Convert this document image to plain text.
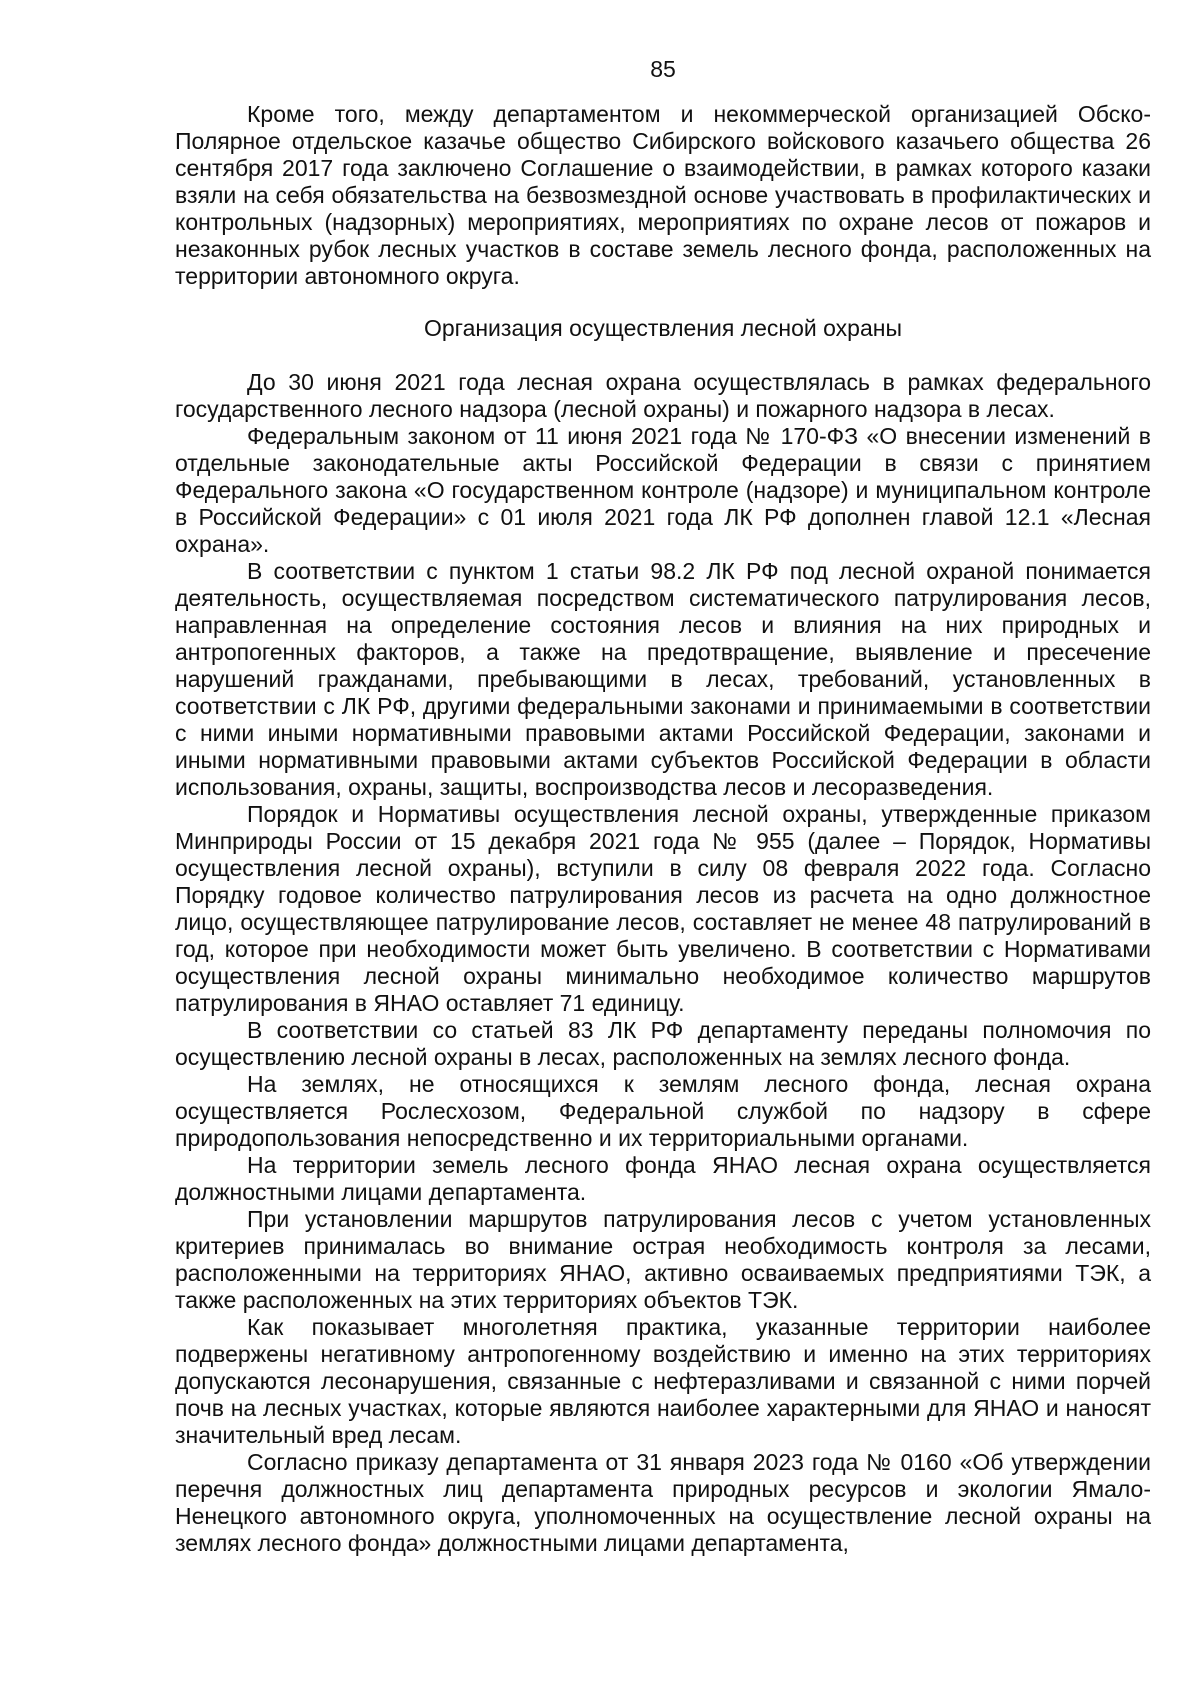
85

Кроме того, между департаментом и некоммерческой организацией Обско-Полярное отдельское казачье общество Сибирского войскового казачьего общества 26 сентября 2017 года заключено Соглашение о взаимодействии, в рамках которого казаки взяли на себя обязательства на безвозмездной основе участвовать в профилактических и контрольных (надзорных) мероприятиях, мероприятиях по охране лесов от пожаров и незаконных рубок лесных участков в составе земель лесного фонда, расположенных на территории автономного округа.

Организация осуществления лесной охраны

До 30 июня 2021 года лесная охрана осуществлялась в рамках федерального государственного лесного надзора (лесной охраны) и пожарного надзора в лесах.

Федеральным законом от 11 июня 2021 года № 170-ФЗ «О внесении изменений в отдельные законодательные акты Российской Федерации в связи с принятием Федерального закона «О государственном контроле (надзоре) и муниципальном контроле в Российской Федерации» с 01 июля 2021 года ЛК РФ дополнен главой 12.1 «Лесная охрана».

В соответствии с пунктом 1 статьи 98.2 ЛК РФ под лесной охраной понимается деятельность, осуществляемая посредством систематического патрулирования лесов, направленная на определение состояния лесов и влияния на них природных и антропогенных факторов, а также на предотвращение, выявление и пресечение нарушений гражданами, пребывающими в лесах, требований, установленных в соответствии с ЛК РФ, другими федеральными законами и принимаемыми в соответствии с ними иными нормативными правовыми актами Российской Федерации, законами и иными нормативными правовыми актами субъектов Российской Федерации в области использования, охраны, защиты, воспроизводства лесов и лесоразведения.

Порядок и Нормативы осуществления лесной охраны, утвержденные приказом Минприроды России от 15 декабря 2021 года № 955 (далее – Порядок, Нормативы осуществления лесной охраны), вступили в силу 08 февраля 2022 года. Согласно Порядку годовое количество патрулирования лесов из расчета на одно должностное лицо, осуществляющее патрулирование лесов, составляет не менее 48 патрулирований в год, которое при необходимости может быть увеличено. В соответствии с Нормативами осуществления лесной охраны минимально необходимое количество маршрутов патрулирования в ЯНАО оставляет 71 единицу.

В соответствии со статьей 83 ЛК РФ департаменту переданы полномочия по осуществлению лесной охраны в лесах, расположенных на землях лесного фонда.

На землях, не относящихся к землям лесного фонда, лесная охрана осуществляется Рослесхозом, Федеральной службой по надзору в сфере природопользования непосредственно и их территориальными органами.

На территории земель лесного фонда ЯНАО лесная охрана осуществляется должностными лицами департамента.

При установлении маршрутов патрулирования лесов с учетом установленных критериев принималась во внимание острая необходимость контроля за лесами, расположенными на территориях ЯНАО, активно осваиваемых предприятиями ТЭК, а также расположенных на этих территориях объектов ТЭК.

Как показывает многолетняя практика, указанные территории наиболее подвержены негативному антропогенному воздействию и именно на этих территориях допускаются лесонарушения, связанные с нефтеразливами и связанной с ними порчей почв на лесных участках, которые являются наиболее характерными для ЯНАО и наносят значительный вред лесам.

Согласно приказу департамента от 31 января 2023 года № 0160 «Об утверждении перечня должностных лиц департамента природных ресурсов и экологии Ямало-Ненецкого автономного округа, уполномоченных на осуществление лесной охраны на землях лесного фонда» должностными лицами департамента,
